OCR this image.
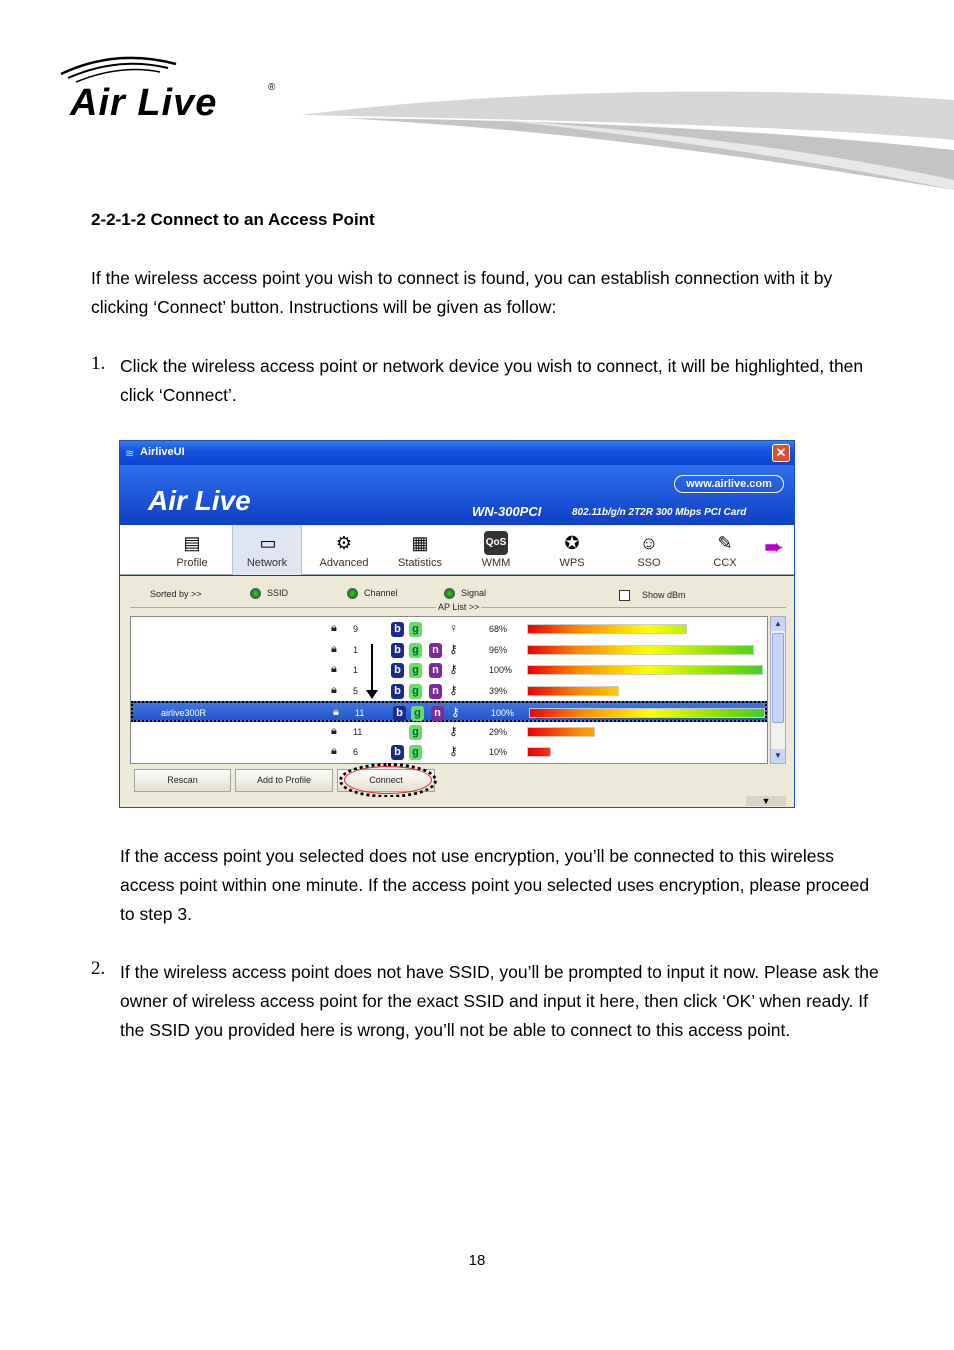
Air Live	®
2-2-1-2 Connect to an Access Point
If the wireless access point you wish to connect is found, you can establish connection with it by clicking ‘Connect’ button. Instructions will be given as follow:
1. Click the wireless access point or network device you wish to connect, it will be highlighted, then click ‘Connect’.
≋ AirliveUI	✕
Air Live
www.airlive.com
WN-300PCI	802.11b/g/n 2T2R 300 Mbps PCI Card
▤
Profile
▭
Network
⚙
Advanced
▦
Statistics
QoS
WMM
✪
WPS
☺
SSO
✎
CCX
➨
Sorted by >>	SSID	Channel	Signal	Show dBm
AP List >>
🔒︎ 9	b g	♀	68%
🔒︎ 1	b g n ⚷	96%
🔒︎ 1	b g n ⚷	100%
🔒︎ 5	b g n ⚷	39%
airlive300R	🔒︎ 11	b g n ⚷	100%
🔒︎ 11	g	⚷	29%
🔒︎ 6	b g	⚷	10%
▲
▼
Rescan	Add to Profile	Connect
▼
If the access point you selected does not use encryption, you’ll be connected to this wireless access point within one minute. If the access point you selected uses encryption, please proceed to step 3.
2. If the wireless access point does not have SSID, you’ll be prompted to input it now. Please ask the owner of wireless access point for the exact SSID and input it here, then click ‘OK’ when ready. If the SSID you provided here is wrong, you’ll not be able to connect to this access point.
18
